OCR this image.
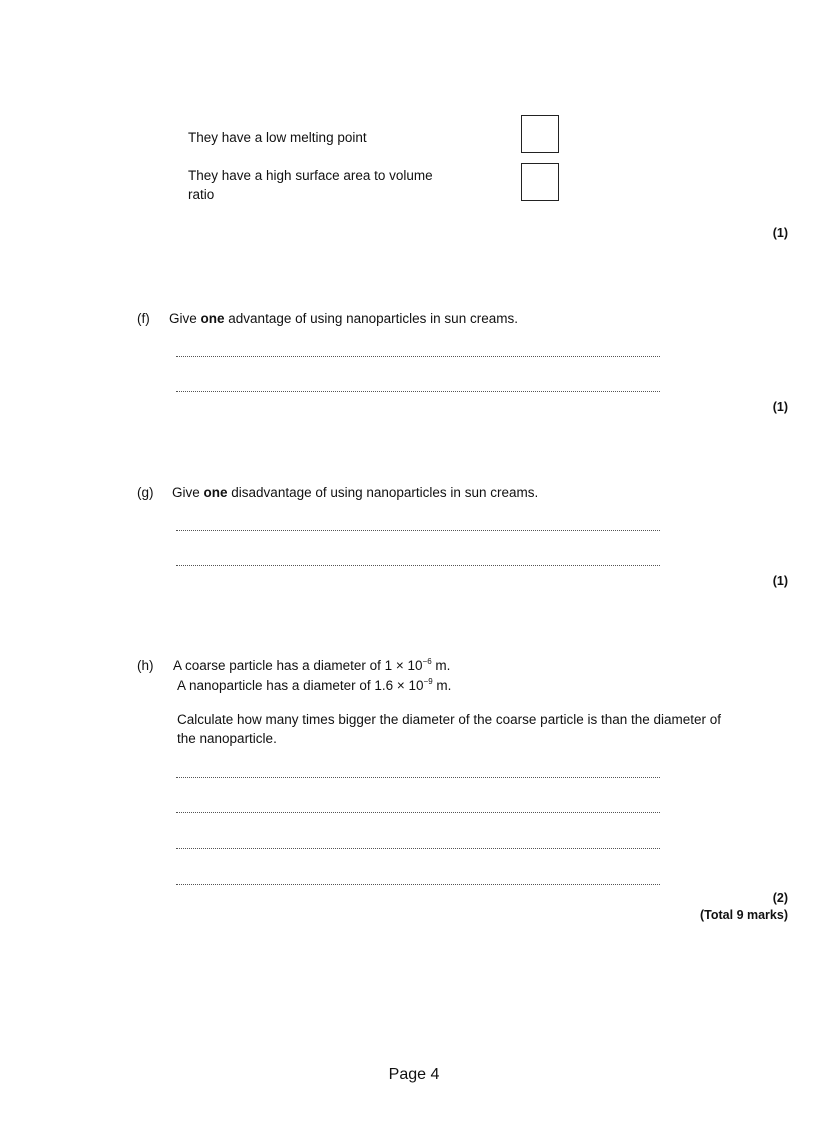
They have a low melting point
They have a high surface area to volume
ratio
(1)
(f) Give one advantage of using nanoparticles in sun creams.
(1)
(g) Give one disadvantage of using nanoparticles in sun creams.
(1)
(h) A coarse particle has a diameter of $1 \times 10^{-6}$ m.
A nanoparticle has a diameter of $1.6 \times 10^{-9}$ m.
Calculate how many times bigger the diameter of the coarse particle is than the diameter of
the nanoparticle.
(2)
(Total 9 marks)
Page 4
